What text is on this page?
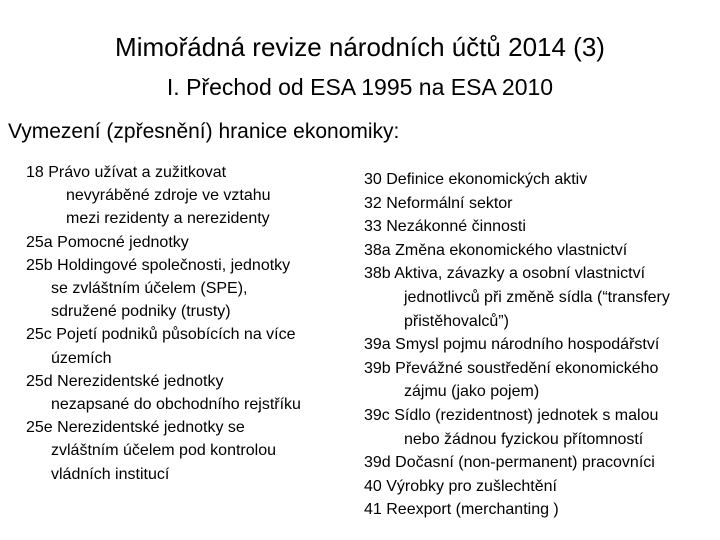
Mimořádná revize národních účtů 2014 (3)
I. Přechod od ESA 1995 na ESA 2010
Vymezení (zpřesnění) hranice ekonomiky:
18 Právo užívat a zužitkovat
nevyráběné zdroje ve vztahu
mezi rezidenty a nerezidenty
25a Pomocné jednotky
25b Holdingové společnosti, jednotky
se zvláštním účelem (SPE),
sdružené podniky (trusty)
25c Pojetí podniků působících na více
územích
25d Nerezidentské jednotky
nezapsané do obchodního rejstříku
25e Nerezidentské jednotky se
zvláštním účelem pod kontrolou
vládních institucí
30 Definice ekonomických aktiv
32 Neformální sektor
33 Nezákonné činnosti
38a Změna ekonomického vlastnictví
38b Aktiva, závazky a osobní vlastnictví
jednotlivců při změně sídla (“transfery
přistěhovalců”)
39a Smysl pojmu národního hospodářství
39b Převážné soustředění ekonomického
zájmu (jako pojem)
39c Sídlo (rezidentnost) jednotek s malou
nebo žádnou fyzickou přítomností
39d Dočasní (non-permanent) pracovníci
40 Výrobky pro zušlechtění
41 Reexport (merchanting )
